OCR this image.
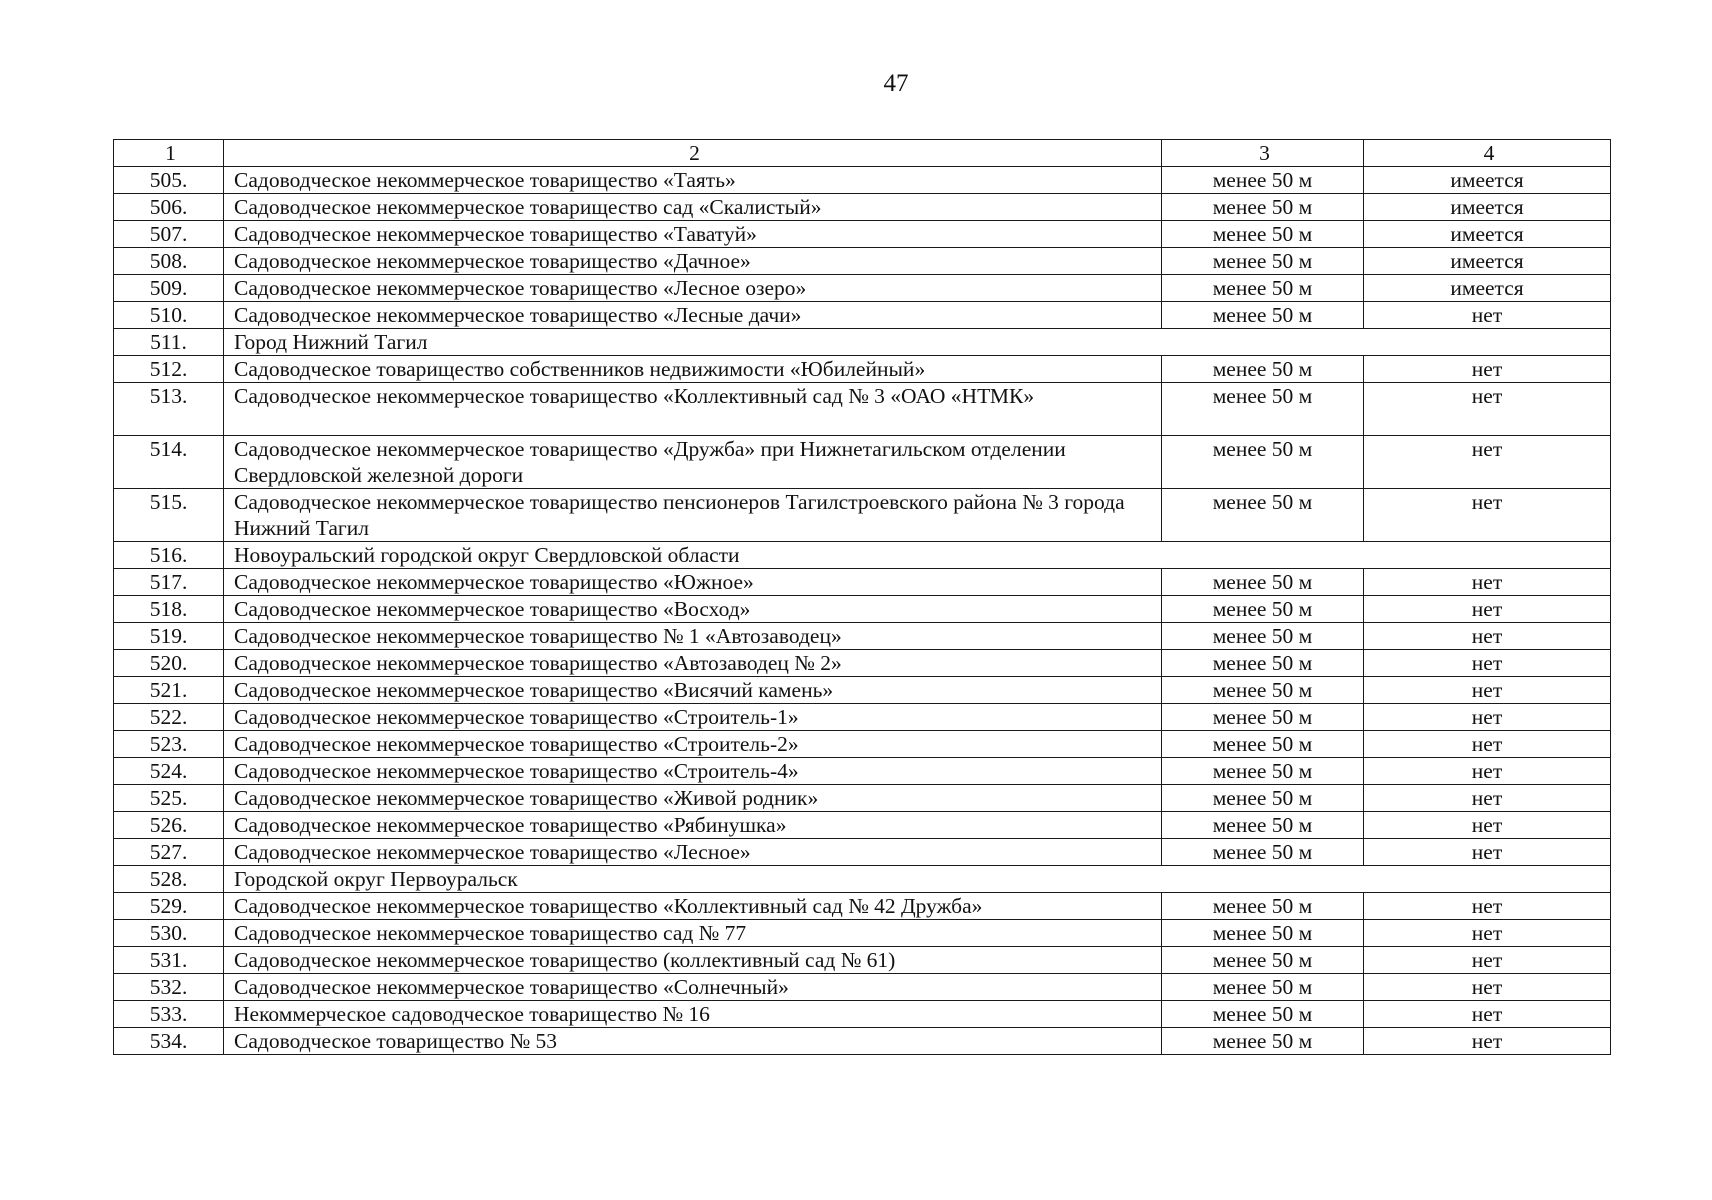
47
1	2	3	4
505.	Садоводческое некоммерческое товарищество «Таять»	менее 50 м	имеется
506.	Садоводческое некоммерческое товарищество сад «Скалистый»	менее 50 м	имеется
507.	Садоводческое некоммерческое товарищество «Таватуй»	менее 50 м	имеется
508.	Садоводческое некоммерческое товарищество «Дачное»	менее 50 м	имеется
509.	Садоводческое некоммерческое товарищество «Лесное озеро»	менее 50 м	имеется
510.	Садоводческое некоммерческое товарищество «Лесные дачи»	менее 50 м	нет
511.	Город Нижний Тагил		
512.	Садоводческое товарищество собственников недвижимости «Юбилейный»	менее 50 м	нет
513.	Садоводческое некоммерческое товарищество «Коллективный сад № 3 «ОАО «НТМК»	менее 50 м	нет
514.	Садоводческое некоммерческое товарищество «Дружба» при Нижнетагильском отделении Свердловской железной дороги	менее 50 м	нет
515.	Садоводческое некоммерческое товарищество пенсионеров Тагилстроевского района № 3 города Нижний Тагил	менее 50 м	нет
516.	Новоуральский городской округ Свердловской области		
517.	Садоводческое некоммерческое товарищество «Южное»	менее 50 м	нет
518.	Садоводческое некоммерческое товарищество «Восход»	менее 50 м	нет
519.	Садоводческое некоммерческое товарищество № 1 «Автозаводец»	менее 50 м	нет
520.	Садоводческое некоммерческое товарищество «Автозаводец № 2»	менее 50 м	нет
521.	Садоводческое некоммерческое товарищество «Висячий камень»	менее 50 м	нет
522.	Садоводческое некоммерческое товарищество «Строитель-1»	менее 50 м	нет
523.	Садоводческое некоммерческое товарищество «Строитель-2»	менее 50 м	нет
524.	Садоводческое некоммерческое товарищество «Строитель-4»	менее 50 м	нет
525.	Садоводческое некоммерческое товарищество «Живой родник»	менее 50 м	нет
526.	Садоводческое некоммерческое товарищество «Рябинушка»	менее 50 м	нет
527.	Садоводческое некоммерческое товарищество «Лесное»	менее 50 м	нет
528.	Городской округ Первоуральск		
529.	Садоводческое некоммерческое товарищество «Коллективный сад № 42 Дружба»	менее 50 м	нет
530.	Садоводческое некоммерческое товарищество сад № 77	менее 50 м	нет
531.	Садоводческое некоммерческое товарищество (коллективный сад № 61)	менее 50 м	нет
532.	Садоводческое некоммерческое товарищество «Солнечный»	менее 50 м	нет
533.	Некоммерческое садоводческое товарищество № 16	менее 50 м	нет
534.	Садоводческое товарищество № 53	менее 50 м	нет
